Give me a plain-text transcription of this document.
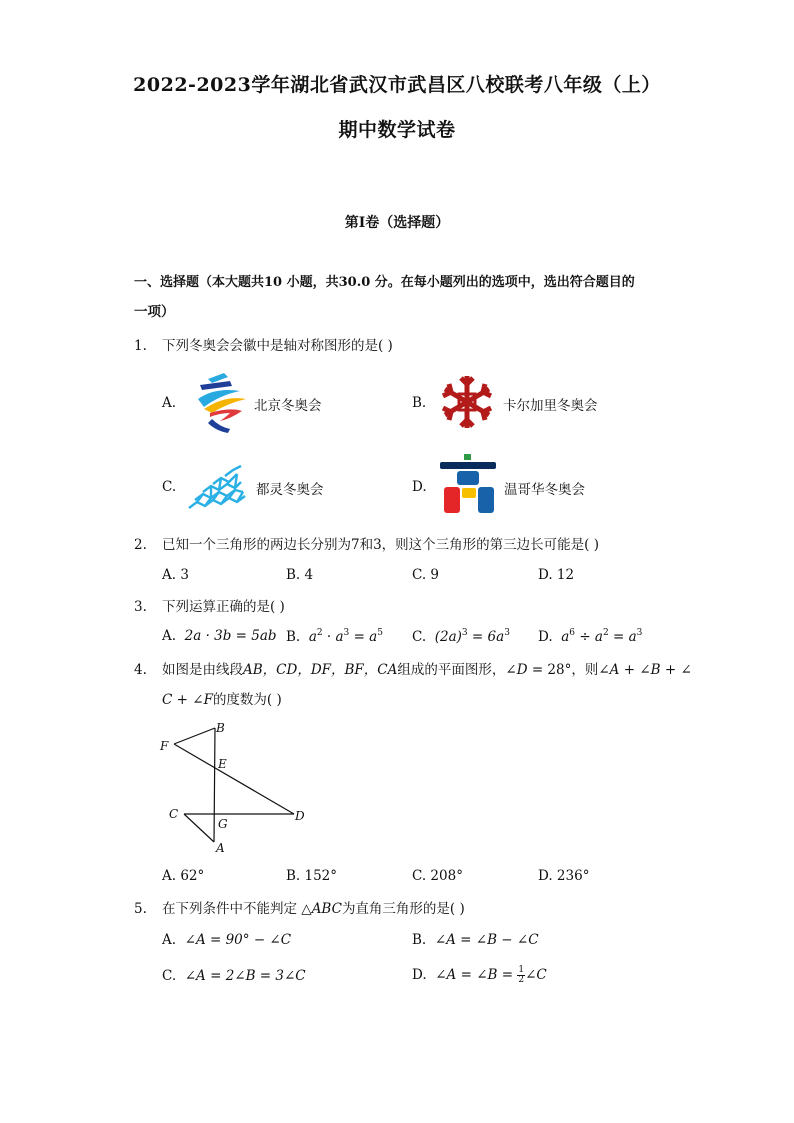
2022-2023学年湖北省武汉市武昌区八校联考八年级（上）
期中数学试卷
第I卷（选择题）
一、选择题（本大题共10 小题，共30.0 分。在每小题列出的选项中，选出符合题目的
一项）
1. 下列冬奥会会徽中是轴对称图形的是( )
A.	北京冬奥会	B.	卡尔加里冬奥会
C.	都灵冬奥会	D.	温哥华冬奥会
2. 已知一个三角形的两边长分别为7和3，则这个三角形的第三边长可能是( )
A. 3	B. 4	C. 9	D. 12
3. 下列运算正确的是( )
A. 2a · 3b = 5ab B. $a^2 \cdot a^3 = a^5$ C. $(2a)^3 = 6a^3$ D. $a^6 \div a^2 = a^3$
4. 如图是由线段AB，CD，DF，BF，CA组成的平面图形，∠D = 28°，则∠A + ∠B + ∠
C + ∠F的度数为( )
B
F
E
C
G
D
A
A. 62°	B. 152°	C. 208°	D. 236°
5. 在下列条件中不能判定 △ABC为直角三角形的是( )
A. ∠A = 90° − ∠C	B. ∠A = ∠B − ∠C
C. ∠A = 2∠B = 3∠C	D. ∠A = ∠B = $\frac{1}{2}$ ∠C
